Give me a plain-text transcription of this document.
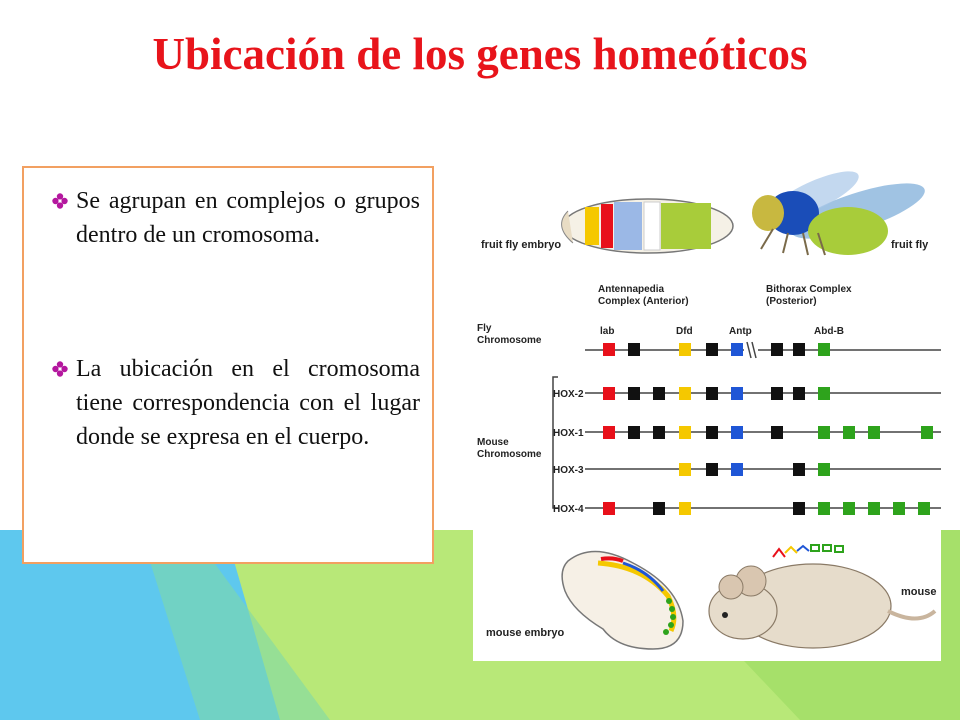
Ubicación de los genes homeóticos
Se agrupan en complejos o grupos dentro de un cromosoma.
La ubicación en el cromosoma tiene correspondencia con el lugar donde se expresa en el cuerpo.
fruit fly embryo	fruit fly
Antennapedia
Complex (Anterior)
Bithorax Complex
(Posterior)
lab	Dfd	Antp	Abd-B
Fly
Chromosome
Mouse
Chromosome
HOX-2
HOX-1
HOX-3
HOX-4
mouse embryo
mouse
